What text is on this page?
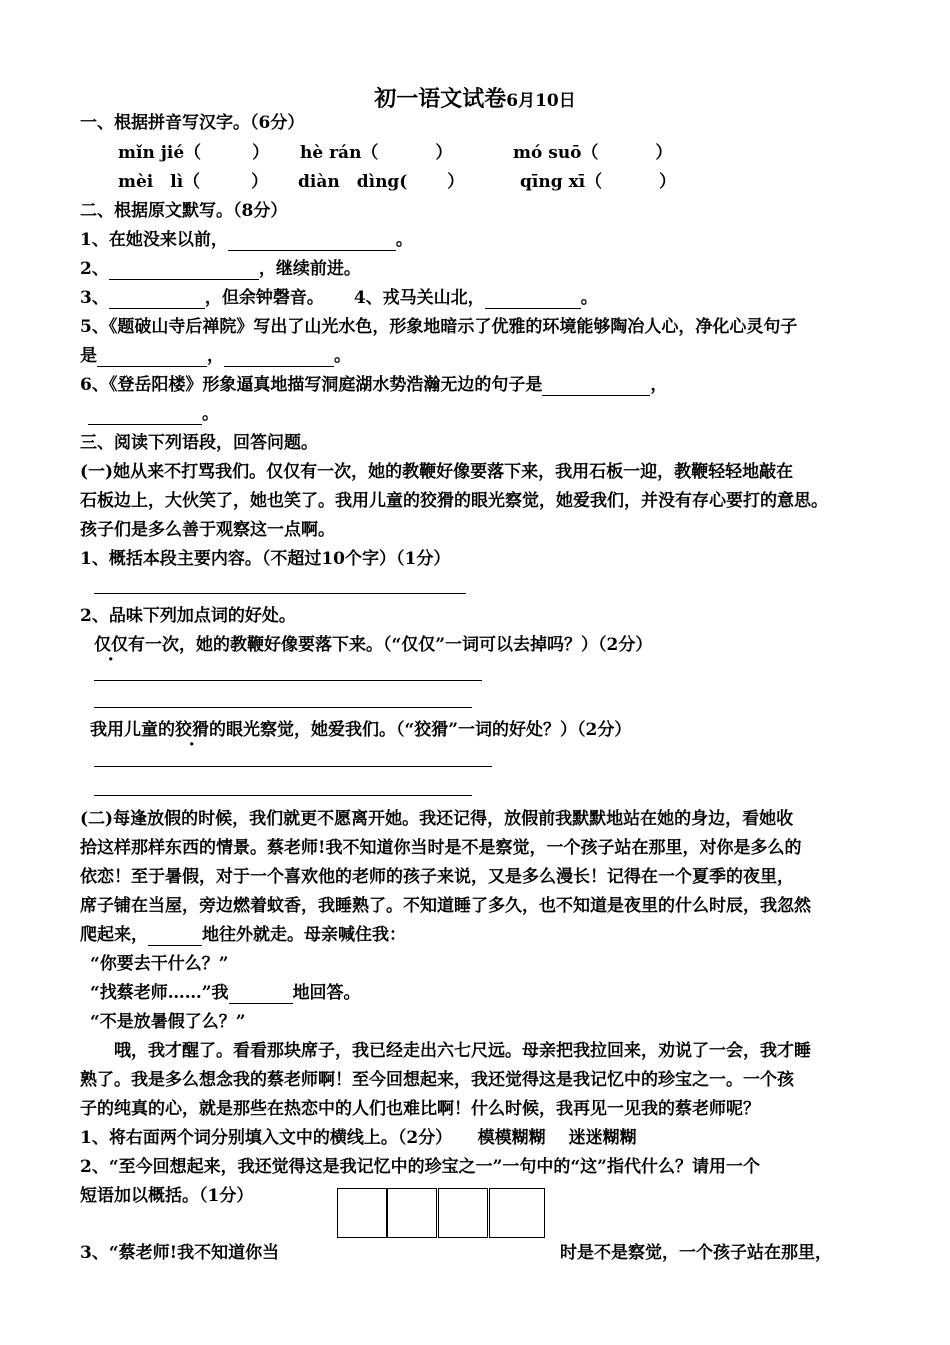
初一语文试卷6月10日
一、根据拼音写汉字。（6分）
mǐn jié（　　　） hè rán（　　　 ）	mó suō（　　　 ）
mèi　lì（　　　） diàn　dìng(　　 ）	qīng xī（　　　 ）
二、根据原文默写。（8分）
1、在她没来以前，	。
2、	，继续前进。
3、	，但余钟磬音。 4、戎马关山北，	。
5、《题破山寺后禅院》写出了山光水色，形象地暗示了优雅的环境能够陶冶人心，净化心灵句子
是	，	。
6、《登岳阳楼》形象逼真地描写洞庭湖水势浩瀚无边的句子是	，
。
三、阅读下列语段，回答问题。
(一)她从来不打骂我们。仅仅有一次，她的教鞭好像要落下来，我用石板一迎，教鞭轻轻地敲在
石板边上，大伙笑了，她也笑了。我用儿童的狡猾的眼光察觉，她爱我们，并没有存心要打的意思。
孩子们是多么善于观察这一点啊。
1、概括本段主要内容。（不超过10个字）（1分）
2、品味下列加点词的好处。
仅仅有一次，她的教鞭好像要落下来。（“仅仅”一词可以去掉吗？）（2分）
我用儿童的狡猾的眼光察觉，她爱我们。（“狡猾”一词的好处？）（2分）
(二)每逢放假的时候，我们就更不愿离开她。我还记得，放假前我默默地站在她的身边，看她收
拾这样那样东西的情景。蔡老师!我不知道你当时是不是察觉，一个孩子站在那里，对你是多么的
依恋！至于暑假，对于一个喜欢他的老师的孩子来说，又是多么漫长！记得在一个夏季的夜里，
席子铺在当屋，旁边燃着蚊香，我睡熟了。不知道睡了多久，也不知道是夜里的什么时辰，我忽然
爬起来，	地往外就走。母亲喊住我：
“你要去干什么？”
“找蔡老师……”我	地回答。
“不是放暑假了么？”
　　哦，我才醒了。看看那块席子，我已经走出六七尺远。母亲把我拉回来，劝说了一会，我才睡
熟了。我是多么想念我的蔡老师啊！至今回想起来，我还觉得这是我记忆中的珍宝之一。一个孩
子的纯真的心，就是那些在热恋中的人们也难比啊！什么时候，我再见一见我的蔡老师呢？
1、将右面两个词分别填入文中的横线上。（2分）　　模模糊糊　 迷迷糊糊
2、“至今回想起来，我还觉得这是我记忆中的珍宝之一”一句中的“这”指代什么？请用一个
短语加以概括。（1分）
3、“蔡老师!我不知道你当	时是不是察觉，一个孩子站在那里，
